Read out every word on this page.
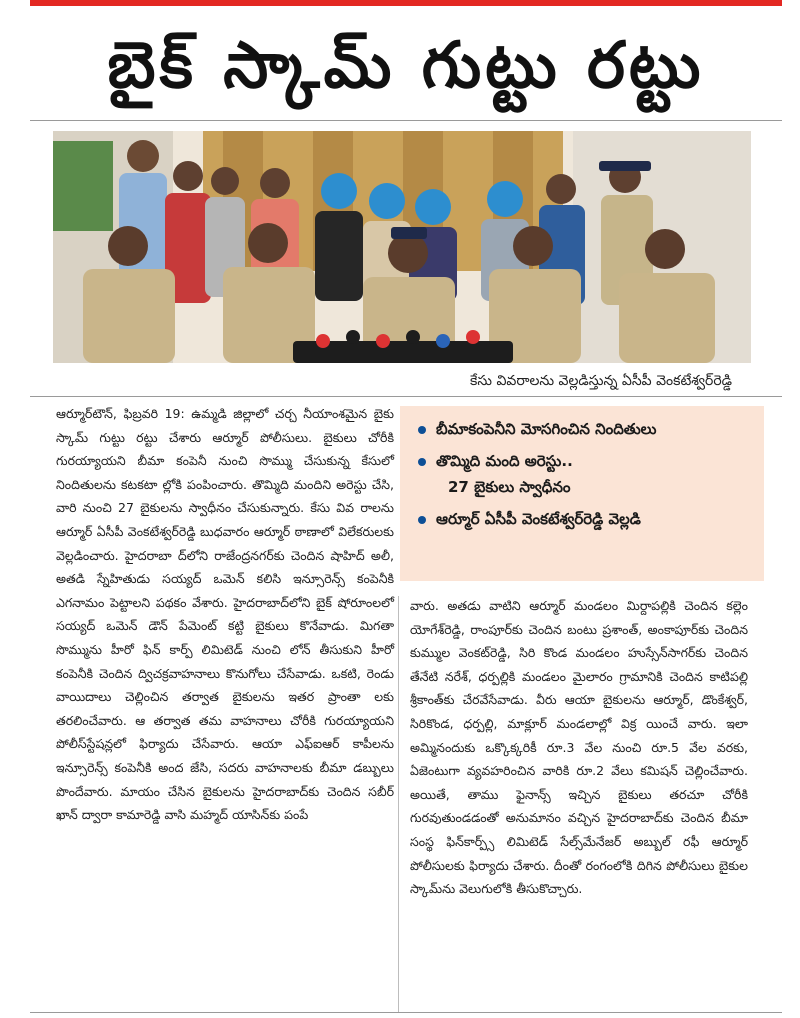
బైక్ స్కామ్ గుట్టు రట్టు
కేసు వివరాలను వెల్లడిస్తున్న ఏసీపీ వెంకటేశ్వర్‌రెడ్డి

ఆర్మూర్‌టౌన్, ఫిబ్రవరి 19: ఉమ్మడి జిల్లాలో చర్చ నీయాంశమైన బైకు స్కామ్ గుట్టు రట్టు చేశారు ఆర్మూర్ పోలీసులు. బైకులు చోరీకి గురయ్యాయని బీమా కంపెనీ నుంచి సొమ్ము చేసుకున్న కేసులో నిందితులను కటకటా ల్లోకి పంపించారు. తొమ్మిది మందిని అరెస్టు చేసి, వారి నుంచి 27 బైకులను స్వాధీనం చేసుకున్నారు. కేసు వివ రాలను ఆర్మూర్ ఏసీపీ వెంకటేశ్వర్‌రెడ్డి బుధవారం ఆర్మూర్ ఠాణాలో విలేకరులకు వెల్లడించారు. హైదరాబా ద్‌లోని రాజేంద్రనగర్‌కు చెందిన షాహిద్ అలీ, అతడి స్నేహితుడు సయ్యద్ ఒమెన్ కలిసి ఇన్సూరెన్స్ కంపెనీకి ఎగనామం పెట్టాలని పథకం వేశారు. హైదరాబాద్‌లోని బైక్ షోరూంలలో సయ్యద్ ఒమెన్ డౌన్ పేమెంట్ కట్టి బైకులు కొనేవాడు. మిగతా సొమ్మును హీరో ఫిన్ కార్ప్ లిమిటెడ్ నుంచి లోన్ తీసుకుని హీరో కంపెనీకి చెందిన ద్విచక్రవాహనాలు కొనుగోలు చేసేవాడు. ఒకటి, రెండు వాయిదాలు చెల్లించిన తర్వాత బైకులను ఇతర ప్రాంతా లకు తరలించేవారు. ఆ తర్వాత తమ వాహనాలు చోరీకి గురయ్యాయని పోలీస్‌స్టేషన్లలో ఫిర్యాదు చేసేవారు. ఆయా ఎఫ్ఐఆర్ కాపీలను ఇన్సూరెన్స్ కంపెనీకి అంద జేసి, సదరు వాహనాలకు బీమా డబ్బులు పొందేవారు. మాయం చేసిన బైకులను హైదరాబాద్‌కు చెందిన సబీర్ ఖాన్ ద్వారా కామారెడ్డి వాసి మహ్మద్ యాసిన్‌కు పంపే

బీమాకంపెనీని మోసగించిన నిందితులు
తొమ్మిది మంది అరెస్టు..
27 బైకులు స్వాధీనం
ఆర్మూర్ ఏసీపీ వెంకటేశ్వర్‌రెడ్డి వెల్లడి

వారు. అతడు వాటిని ఆర్మూర్ మండలం మిర్దాపల్లికి చెందిన కల్లెం యోగేశ్‌రెడ్డి, రాంపూర్‌కు చెందిన బంటు ప్రశాంత్, అంకాపూర్‌కు చెందిన కుమ్ముల వెంకట్‌రెడ్డి, సిరి కొండ మండలం హుస్సేన్‌సాగర్‌కు చెందిన తేనేటి నరేశ్, ధర్పల్లికి మండలం మైలారం గ్రామానికి చెందిన కాటిపల్లి శ్రీకాంత్‌కు చేరవేసేవాడు. వీరు ఆయా బైకులను ఆర్మూర్, డొంకేశ్వర్, సిరికొండ, ధర్పల్లి, మాక్లూర్ మండలాల్లో విక్ర యించే వారు. ఇలా అమ్మినందుకు ఒక్కొక్కరికీ రూ.3 వేల నుంచి రూ.5 వేల వరకు, ఏజెంటుగా వ్యవహరించిన వారికి రూ.2 వేలు కమిషన్ చెల్లించేవారు. అయితే, తాము ఫైనాన్స్ ఇచ్చిన బైకులు తరచూ చోరీకి గురవుతుండడంతో అనుమానం వచ్చిన హైదరాబాద్‌కు చెందిన బీమా సంస్థ ఫిన్‌కార్ప్స్ లిమిటెడ్ సేల్స్‌మేనేజర్ అబ్బుల్ రఫీ ఆర్మూర్ పోలీసులకు ఫిర్యాదు చేశారు. దీంతో రంగంలోకి దిగిన పోలీసులు బైకుల స్కామ్‌ను వెలుగులోకి తీసుకొచ్చారు.
